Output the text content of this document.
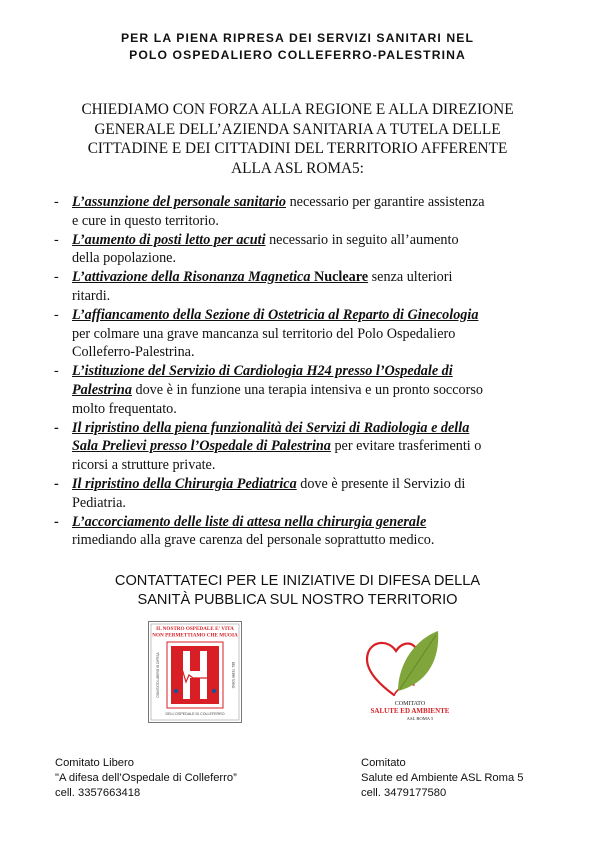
PER LA PIENA RIPRESA DEI SERVIZI SANITARI NEL
POLO OSPEDALIERO COLLEFERRO-PALESTRINA
CHIEDIAMO CON FORZA ALLA REGIONE E ALLA DIREZIONE
GENERALE DELL’AZIENDA SANITARIA A TUTELA DELLE
CITTADINE E DEI CITTADINI DEL TERRITORIO AFFERENTE
ALLA ASL ROMA5:
- L’assunzione del personale sanitario necessario per garantire assistenza
e cure in questo territorio.
- L’aumento di posti letto per acuti necessario in seguito all’aumento
della popolazione.
- L’attivazione della Risonanza Magnetica Nucleare senza ulteriori
ritardi.
- L’affiancamento della Sezione di Ostetricia al Reparto di Ginecologia
per colmare una grave mancanza sul territorio del Polo Ospedaliero
Colleferro-Palestrina.
- L’istituzione del Servizio di Cardiologia H24 presso l’Ospedale di
Palestrina dove è in funzione una terapia intensiva e un pronto soccorso
molto frequentato.
- Il ripristino della piena funzionalità dei Servizi di Radiologia e della
Sala Prelievi presso l’Ospedale di Palestrina per evitare trasferimenti o
ricorsi a strutture private.
- Il ripristino della Chirurgia Pediatrica dove è presente il Servizio di
Pediatria.
- L’accorciamento delle liste di attesa nella chirurgia generale
rimediando alla grave carenza del personale soprattutto medico.
CONTATTATECI PER LE INIZIATIVE DI DIFESA DELLA
SANITÀ PUBBLICA SUL NOSTRO TERRITORIO
IL NOSTRO OSPEDALE E' VITA
NON PERMETTIAMO CHE MUOIA
COMITATO LIBERO IN DIFESA	DEL TERRITORIO
DELL'OSPEDALE DI COLLEFERRO
COMITATO
SALUTE ED AMBIENTE
ASL ROMA 5
Comitato Libero
"A difesa dell’Ospedale di Colleferro”
cell. 3357663418
Comitato
Salute ed Ambiente ASL Roma 5
cell. 3479177580
